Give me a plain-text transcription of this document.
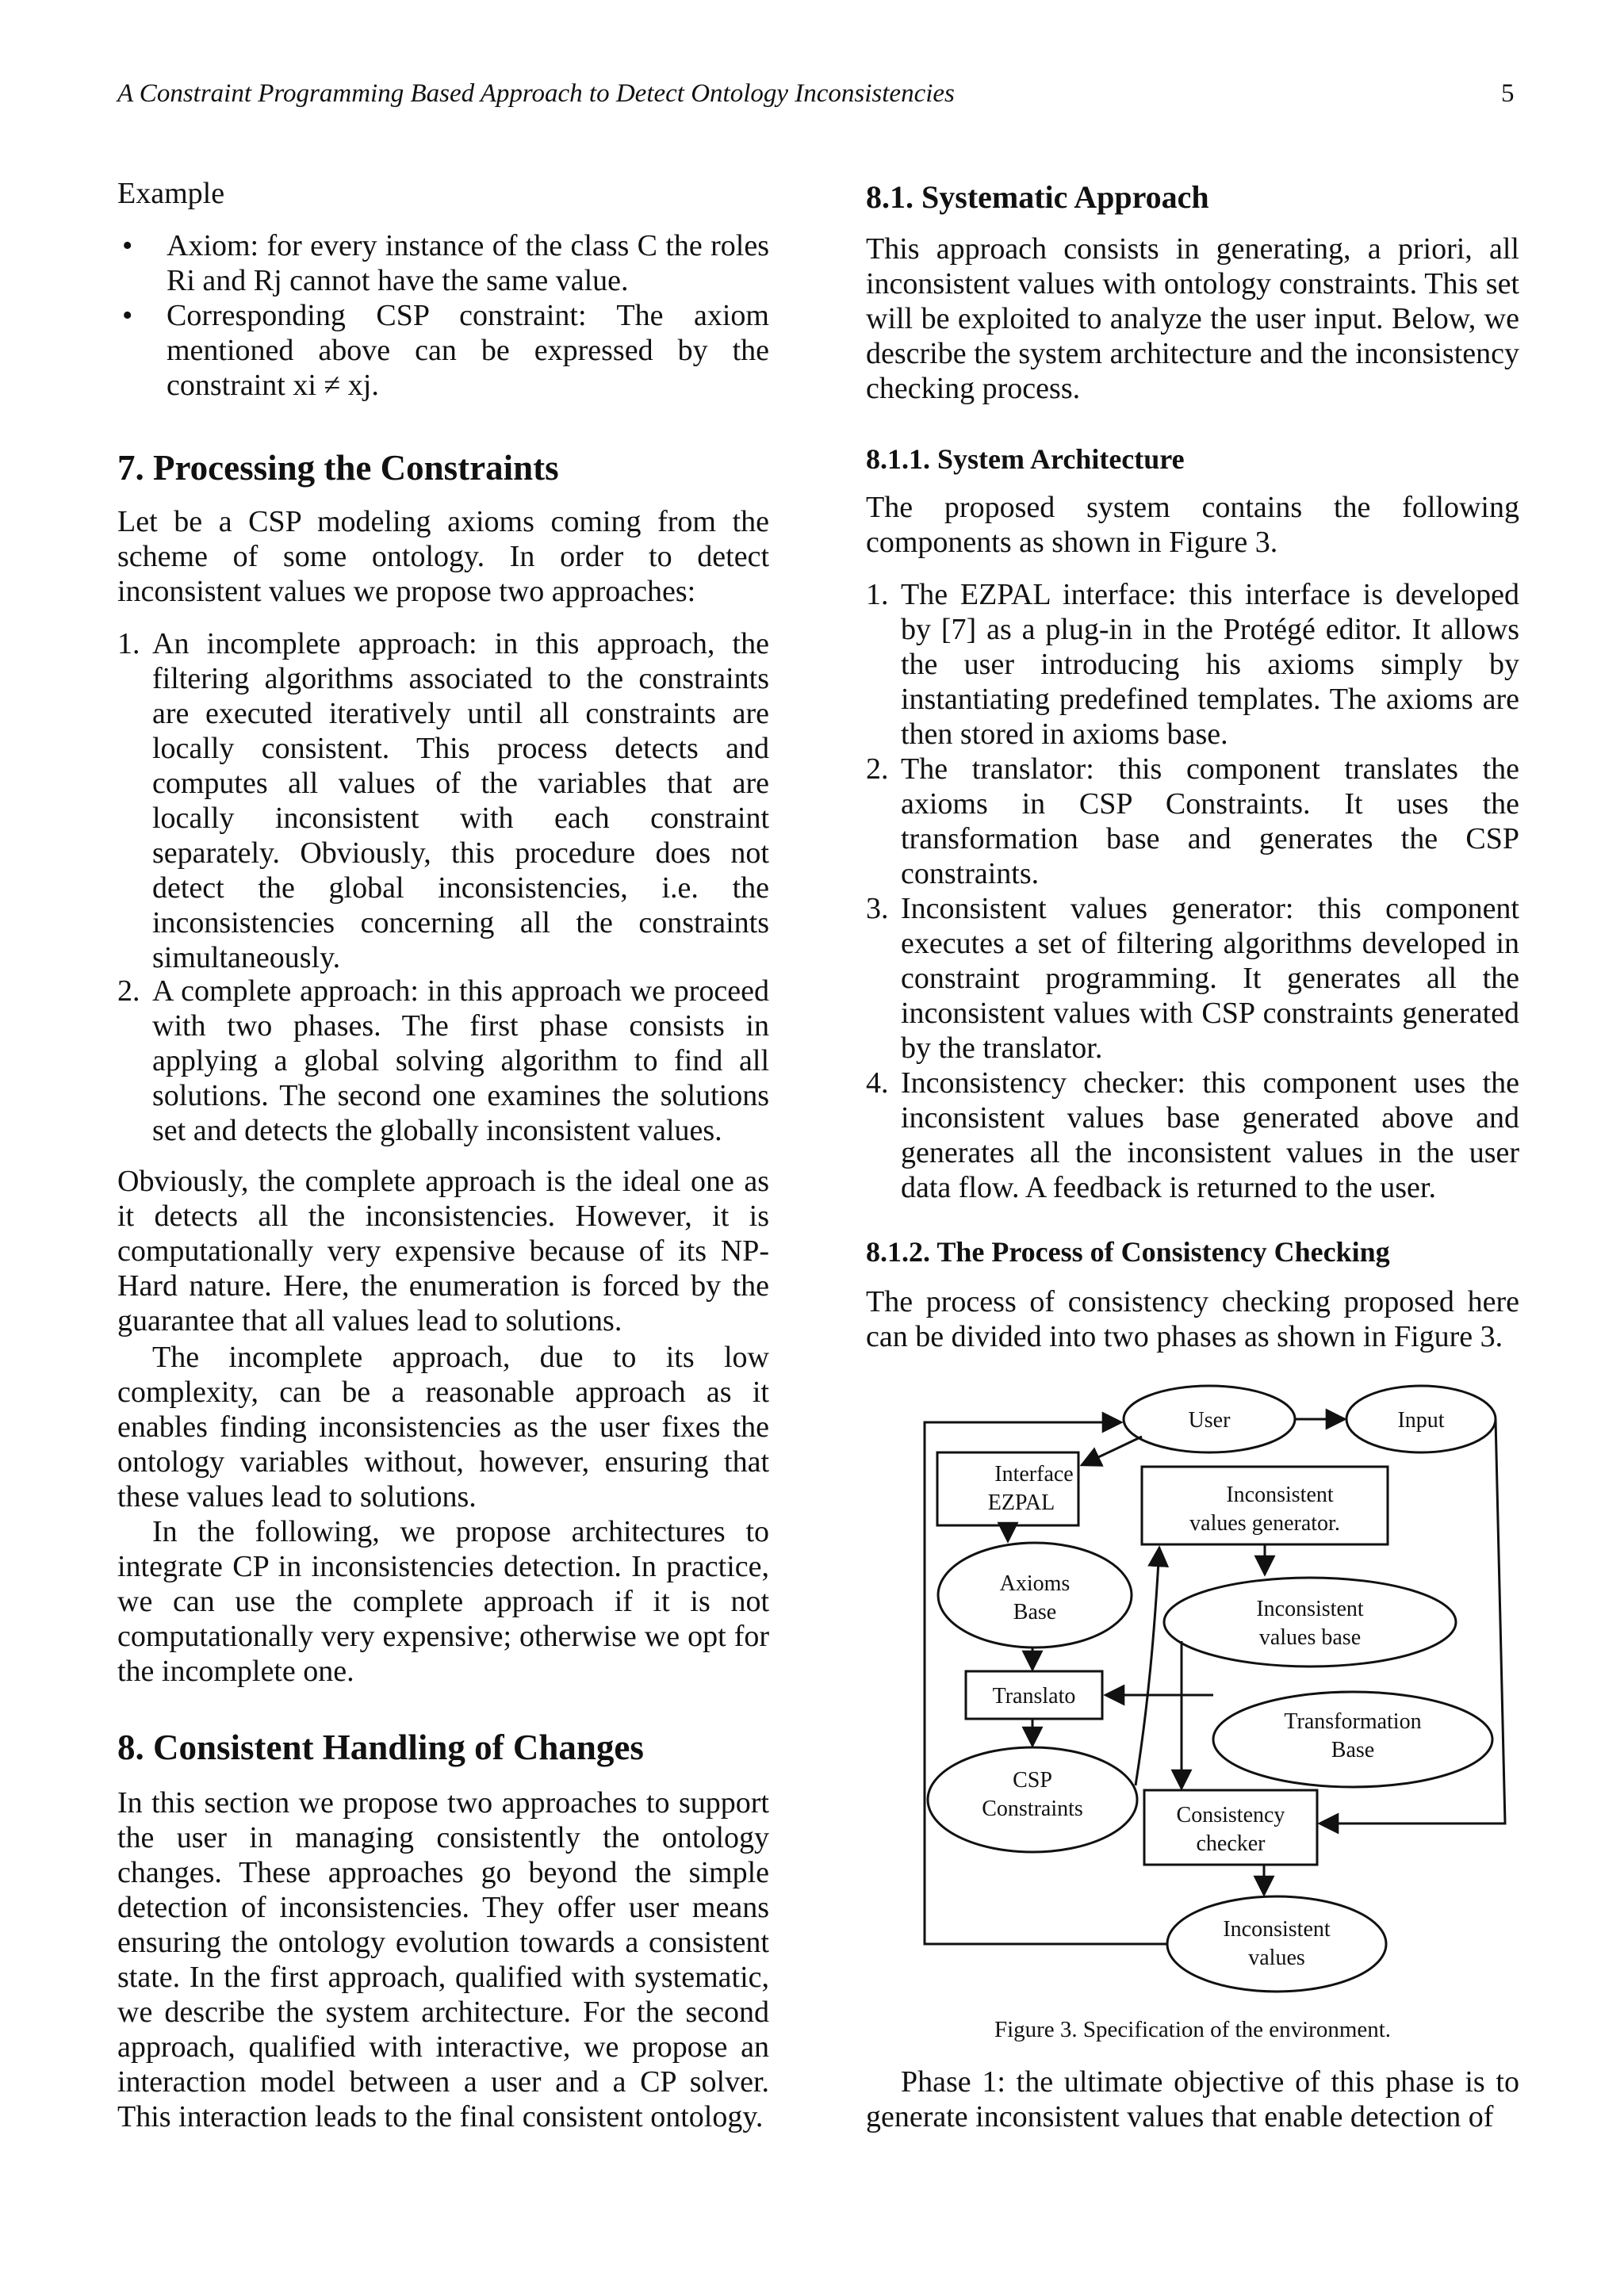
A Constraint Programming Based Approach to Detect Ontology Inconsistencies	5

Example

• Axiom: for every instance of the class C the roles Ri and Rj cannot have the same value.
• Corresponding CSP constraint: The axiom mentioned above can be expressed by the constraint xi ≠ xj.
7. Processing the Constraints

Let be a CSP modeling axioms coming from the scheme of some ontology. In order to detect inconsistent values we propose two approaches:

1. An incomplete approach: in this approach, the filtering algorithms associated to the constraints are executed iteratively until all constraints are locally consistent. This process detects and computes all values of the variables that are locally inconsistent with each constraint separately. Obviously, this procedure does not detect the global inconsistencies, i.e. the inconsistencies concerning all the constraints simultaneously.
2. A complete approach: in this approach we proceed with two phases. The first phase consists in applying a global solving algorithm to find all solutions. The second one examines the solutions set and detects the globally inconsistent values.

Obviously, the complete approach is the ideal one as it detects all the inconsistencies. However, it is computationally very expensive because of its NP-Hard nature. Here, the enumeration is forced by the guarantee that all values lead to solutions.

The incomplete approach, due to its low complexity, can be a reasonable approach as it enables finding inconsistencies as the user fixes the ontology variables without, however, ensuring that these values lead to solutions.

In the following, we propose architectures to integrate CP in inconsistencies detection. In practice, we can use the complete approach if it is not computationally very expensive; otherwise we opt for the incomplete one.

8. Consistent Handling of Changes

In this section we propose two approaches to support the user in managing consistently the ontology changes. These approaches go beyond the simple detection of inconsistencies. They offer user means ensuring the ontology evolution towards a consistent state. In the first approach, qualified with systematic, we describe the system architecture. For the second approach, qualified with interactive, we propose an interaction model between a user and a CP solver. This interaction leads to the final consistent ontology.

8.1. Systematic Approach

This approach consists in generating, a priori, all inconsistent values with ontology constraints. This set will be exploited to analyze the user input. Below, we describe the system architecture and the inconsistency checking process.

8.1.1. System Architecture

The proposed system contains the following components as shown in Figure 3.

1. The EZPAL interface: this interface is developed by [7] as a plug-in in the Protégé editor. It allows the user introducing his axioms simply by instantiating predefined templates. The axioms are then stored in axioms base.
2. The translator: this component translates the axioms in CSP Constraints. It uses the transformation base and generates the CSP constraints.
3. Inconsistent values generator: this component executes a set of filtering algorithms developed in constraint programming. It generates all the inconsistent values with CSP constraints generated by the translator.
4. Inconsistency checker: this component uses the inconsistent values base generated above and generates all the inconsistent values in the user data flow. A feedback is returned to the user.
8.1.2. The Process of Consistency Checking

The process of consistency checking proposed here can be divided into two phases as shown in Figure 3.

Phase 1: the ultimate objective of this phase is to generate inconsistent values that enable detection of

User	Input
Interface
EZPAL	Inconsistent
values generator.
Axioms
Base	Inconsistent
values base
Translato
Transformation
Base
CSP
Constraints	Consistency
checker
Inconsistent
values
Figure 3. Specification of the environment.
